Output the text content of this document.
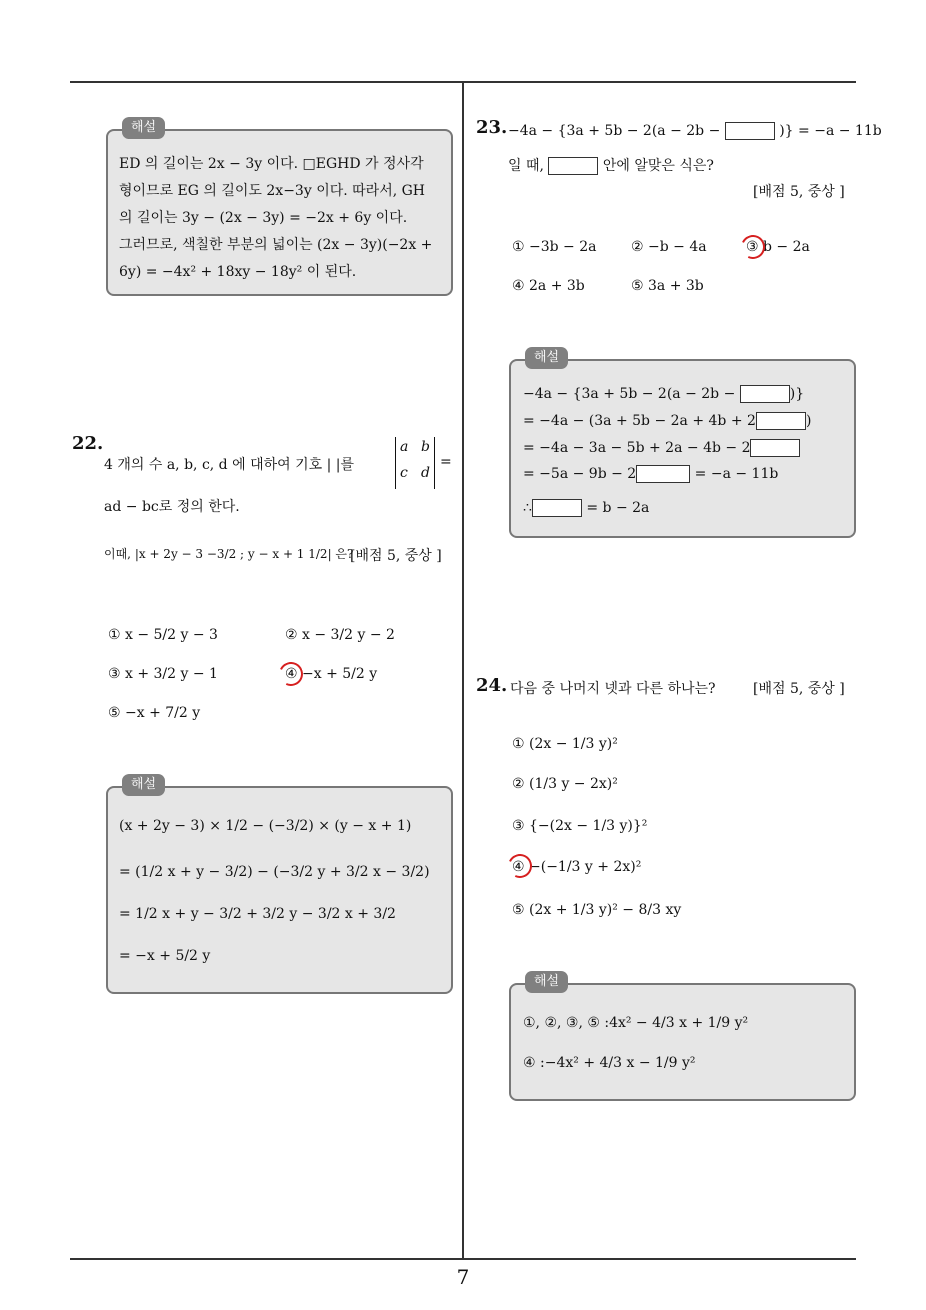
해설
ED 의 길이는 2x − 3y 이다. □EGHD 가 정사각
형이므로 EG 의 길이도 2x−3y 이다. 따라서, GH
의 길이는 3y − (2x − 3y) = −2x + 6y 이다.
그러므로, 색칠한 부분의 넓이는 (2x − 3y)(−2x +
6y) = −4x² + 18xy − 18y² 이 된다.
22.
4 개의 수 a, b, c, d 에 대하여 기호 | |를
a b
c d
=
ad − bc로 정의 한다.
이때, |x + 2y − 3 −3/2 ; y − x + 1 1/2| 은?
[배점 5, 중상 ]
① x − 5/2 y − 3	② x − 3/2 y − 2
③ x + 3/2 y − 1	④ −x + 5/2 y
⑤ −x + 7/2 y
해설
(x + 2y − 3) × 1/2 − (−3/2) × (y − x + 1)
= (1/2 x + y − 3/2) − (−3/2 y + 3/2 x − 3/2)
= 1/2 x + y − 3/2 + 3/2 y − 3/2 x + 3/2
= −x + 5/2 y
23. −4a − {3a + 5b − 2(a − 2b −	)} = −a − 11b
일 때,	안에 알맞은 식은?
[배점 5, 중상 ]
① −3b − 2a ② −b − 4a	③ b − 2a
④ 2a + 3b	⑤ 3a + 3b
해설
−4a − {3a + 5b − 2(a − 2b −	)}
= −4a − (3a + 5b − 2a + 4b + 2	)
= −4a − 3a − 5b + 2a − 4b − 2
= −5a − 9b − 2	= −a − 11b
∴	= b − 2a
24. 다음 중 나머지 넷과 다른 하나는?	[배점 5, 중상 ]
① (2x − 1/3 y)²
② (1/3 y − 2x)²
③ {−(2x − 1/3 y)}²
④ −(−1/3 y + 2x)²
⑤ (2x + 1/3 y)² − 8/3 xy
해설
①, ②, ③, ⑤ :4x² − 4/3 x + 1/9 y²
④ :−4x² + 4/3 x − 1/9 y²
7
